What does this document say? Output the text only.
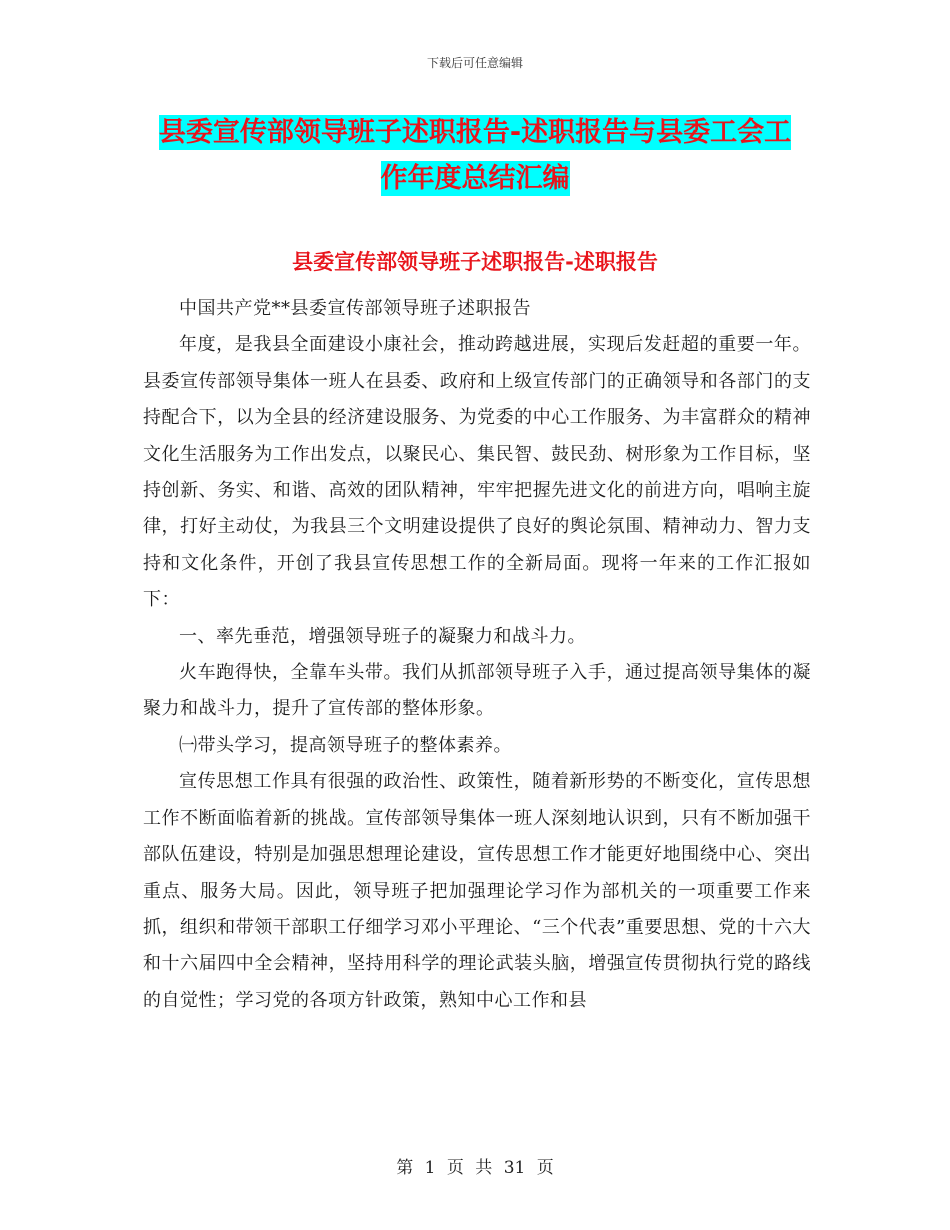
下载后可任意编辑
县委宣传部领导班子述职报告-述职报告与县委工会工
作年度总结汇编
县委宣传部领导班子述职报告-述职报告

中国共产党**县委宣传部领导班子述职报告

年度，是我县全面建设小康社会，推动跨越进展，实现后发赶超的重要一年。县委宣传部领导集体一班人在县委、政府和上级宣传部门的正确领导和各部门的支持配合下，以为全县的经济建设服务、为党委的中心工作服务、为丰富群众的精神文化生活服务为工作出发点，以聚民心、集民智、鼓民劲、树形象为工作目标，坚持创新、务实、和谐、高效的团队精神，牢牢把握先进文化的前进方向，唱响主旋律，打好主动仗，为我县三个文明建设提供了良好的舆论氛围、精神动力、智力支持和文化条件，开创了我县宣传思想工作的全新局面。现将一年来的工作汇报如下：

一、率先垂范，增强领导班子的凝聚力和战斗力。

火车跑得快，全靠车头带。我们从抓部领导班子入手，通过提高领导集体的凝聚力和战斗力，提升了宣传部的整体形象。

㈠带头学习，提高领导班子的整体素养。

宣传思想工作具有很强的政治性、政策性，随着新形势的不断变化，宣传思想工作不断面临着新的挑战。宣传部领导集体一班人深刻地认识到，只有不断加强干部队伍建设，特别是加强思想理论建设，宣传思想工作才能更好地围绕中心、突出重点、服务大局。因此，领导班子把加强理论学习作为部机关的一项重要工作来抓，组织和带领干部职工仔细学习邓小平理论、“三个代表”重要思想、党的十六大和十六届四中全会精神，坚持用科学的理论武装头脑，增强宣传贯彻执行党的路线的自觉性；学习党的各项方针政策，熟知中心工作和县

第 1 页 共 31 页
